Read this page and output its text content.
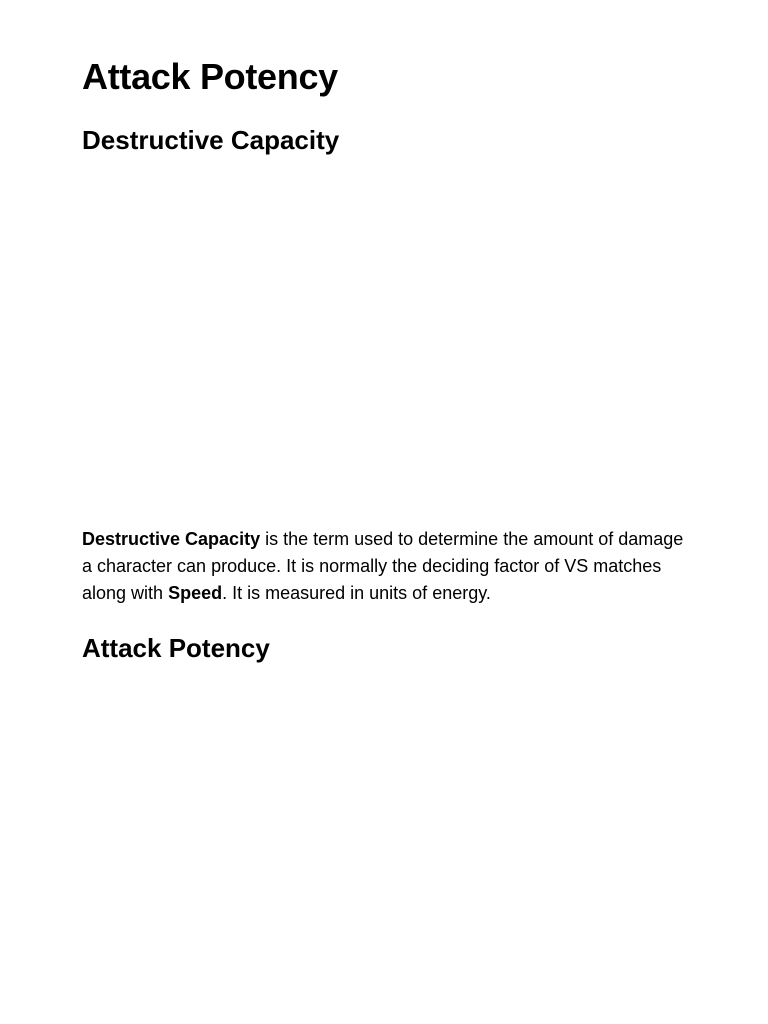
Attack Potency
Destructive Capacity

Destructive Capacity is the term used to determine the amount of damage a character can produce. It is normally the deciding factor of VS matches along with Speed. It is measured in units of energy.

Attack Potency
